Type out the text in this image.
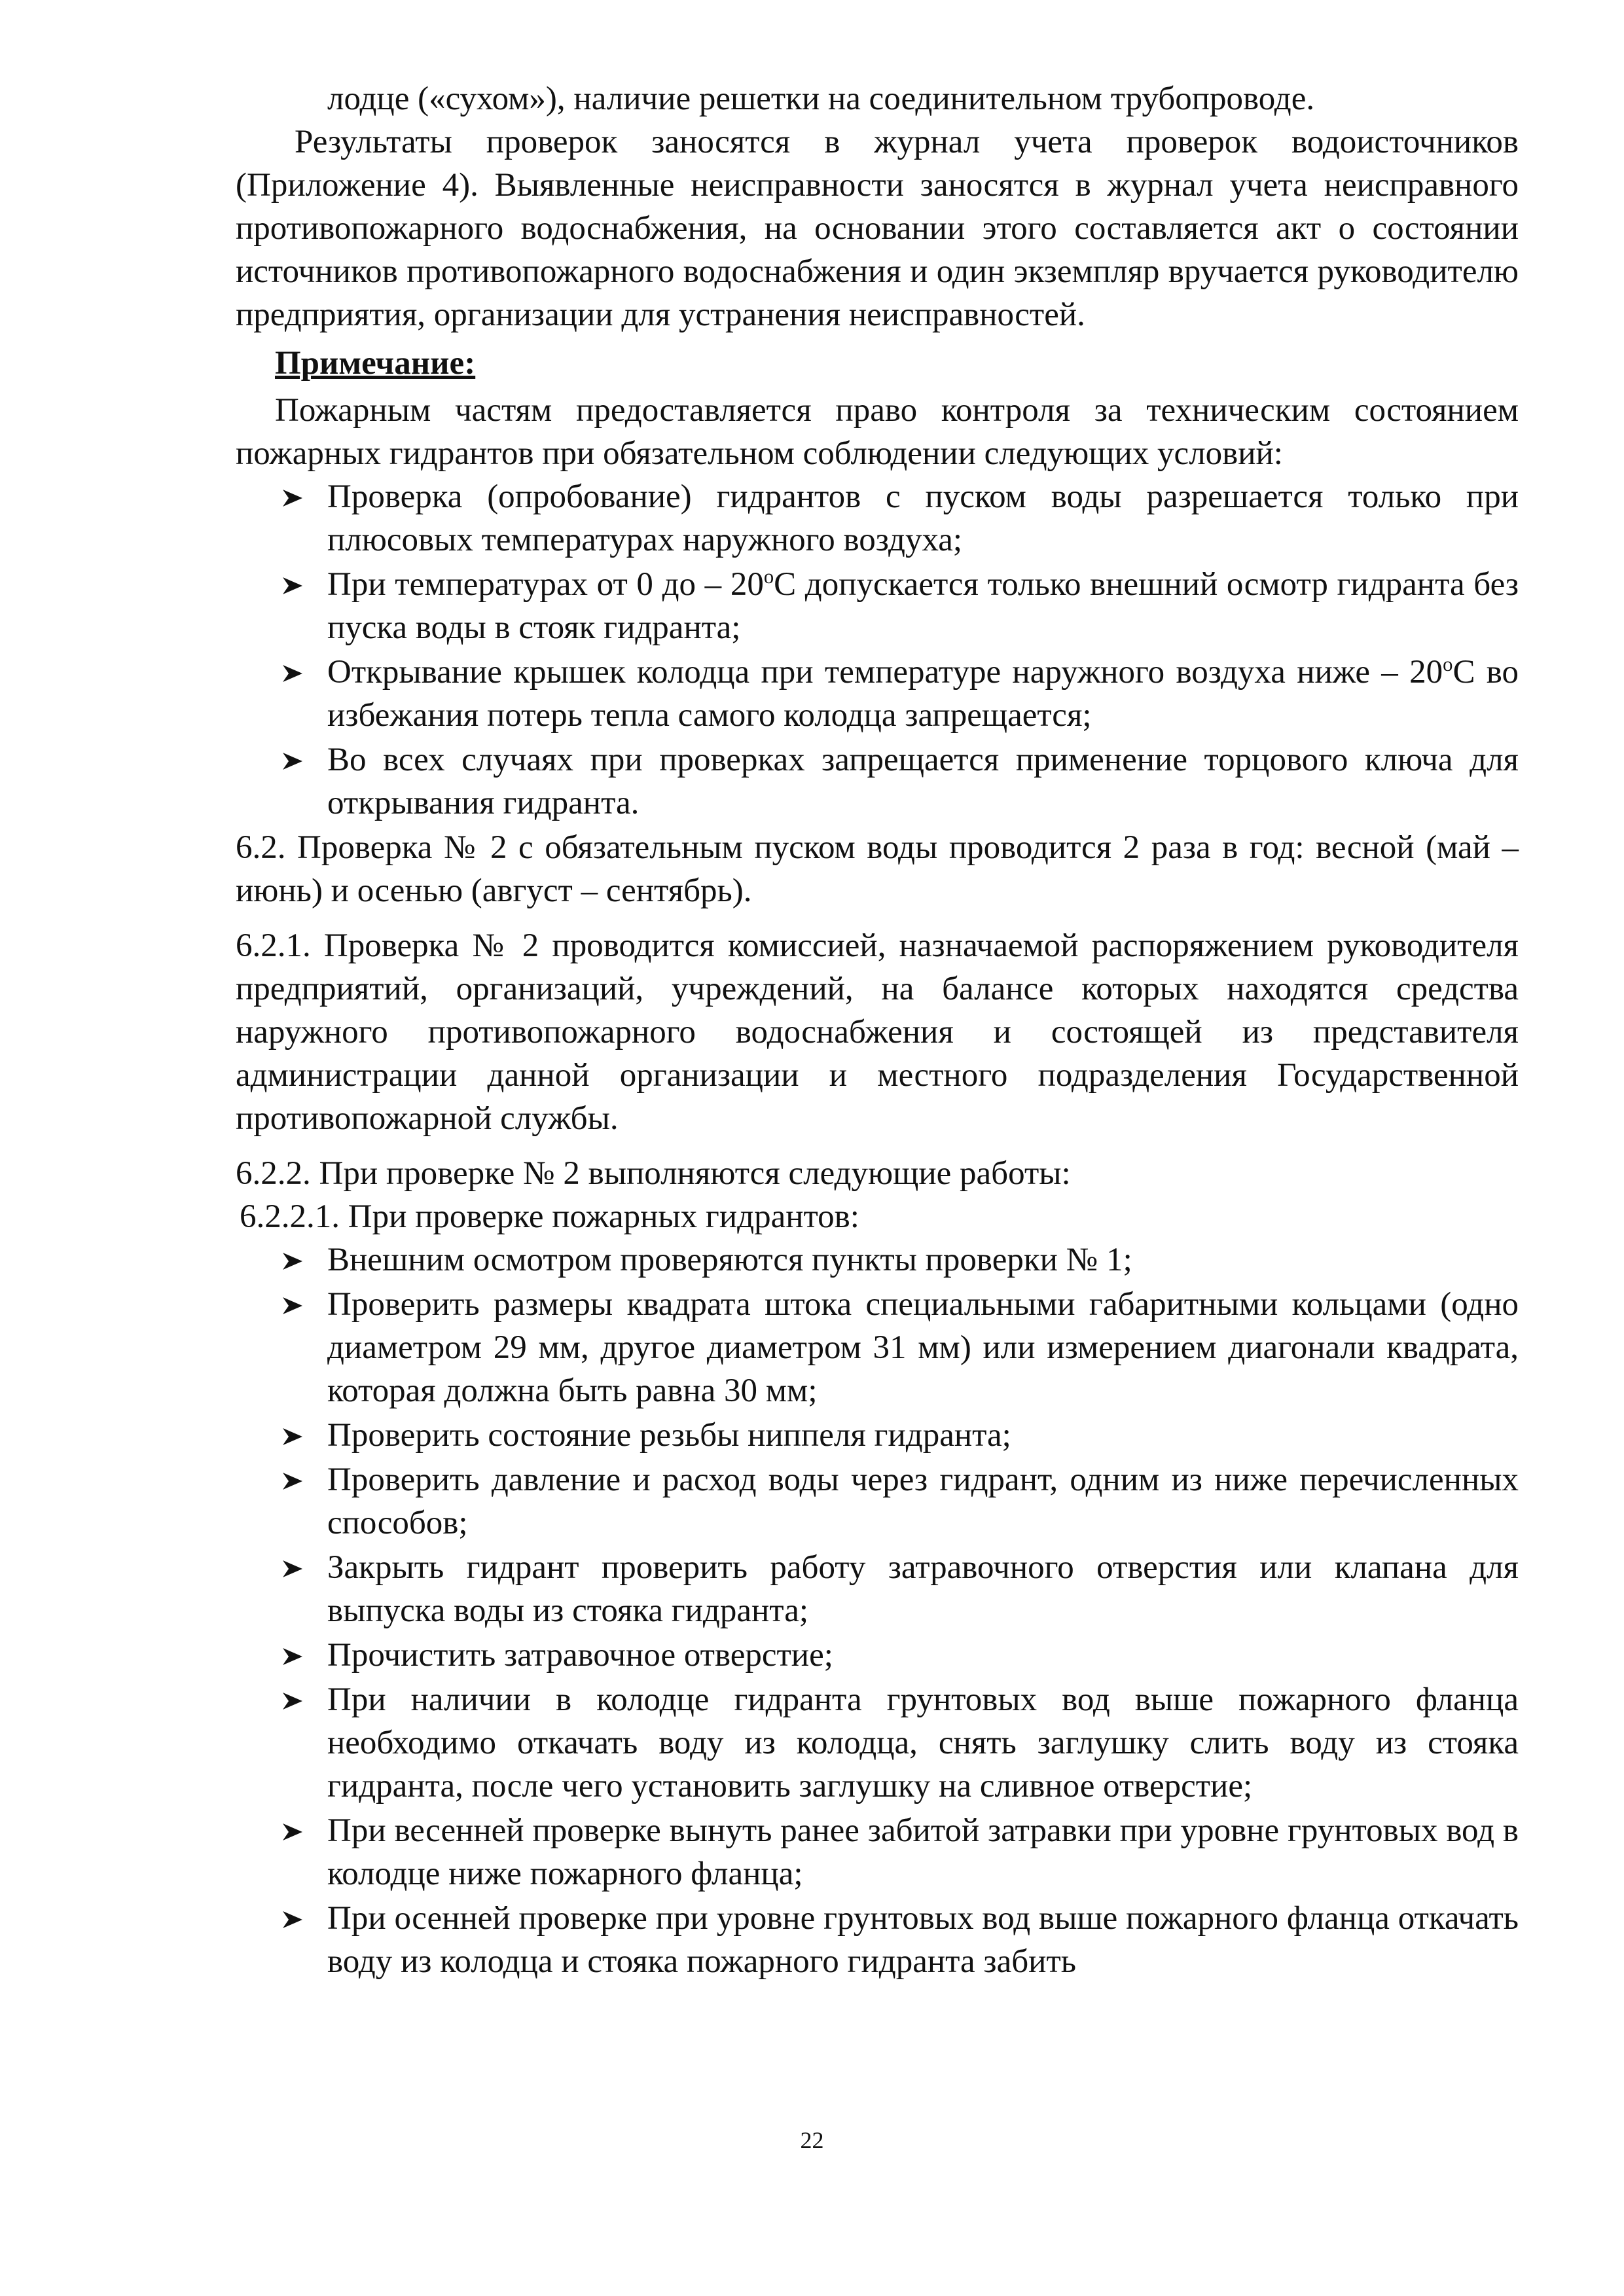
лодце («сухом»), наличие решетки на соединительном трубопроводе.

Результаты проверок заносятся в журнал учета проверок водоисточников (Приложение 4). Выявленные неисправности заносятся в журнал учета неисправного противопожарного водоснабжения, на основании этого составляется акт о состоянии источников противопожарного водоснабжения и один экземпляр вручается руководителю предприятия, организации для устранения неисправностей.

Примечание:

Пожарным частям предоставляется право контроля за техническим состоянием пожарных гидрантов при обязательном соблюдении следующих условий:

Проверка (опробование) гидрантов с пуском воды разрешается только при плюсовых температурах наружного воздуха;
При температурах от 0 до – $20^оС$ допускается только внешний осмотр гидранта без пуска воды в стояк гидранта;
Открывание крышек колодца при температуре наружного воздуха ниже – $20^оС$ во избежания потерь тепла самого колодца запрещается;
Во всех случаях при проверках запрещается применение торцового ключа для открывания гидранта.

6.2. Проверка № 2 с обязательным пуском воды проводится 2 раза в год: весной (май – июнь) и осенью (август – сентябрь).

6.2.1. Проверка № 2 проводится комиссией, назначаемой распоряжением руководителя предприятий, организаций, учреждений, на балансе которых находятся средства наружного противопожарного водоснабжения и состоящей из представителя администрации данной организации и местного подразделения Государственной противопожарной службы.

6.2.2. При проверке № 2 выполняются следующие работы:

6.2.2.1. При проверке пожарных гидрантов:

Внешним осмотром проверяются пункты проверки № 1;
Проверить размеры квадрата штока специальными габаритными кольцами (одно диаметром 29 мм, другое диаметром 31 мм) или измерением диагонали квадрата, которая должна быть равна 30 мм;
Проверить состояние резьбы ниппеля гидранта;
Проверить давление и расход воды через гидрант, одним из ниже перечисленных способов;
Закрыть гидрант проверить работу затравочного отверстия или клапана для выпуска воды из стояка гидранта;
Прочистить затравочное отверстие;
При наличии в колодце гидранта грунтовых вод выше пожарного фланца необходимо откачать воду из колодца, снять заглушку слить воду из стояка гидранта, после чего установить заглушку на сливное отверстие;
При весенней проверке вынуть ранее забитой затравки при уровне грунтовых вод в колодце ниже пожарного фланца;
При осенней проверке при уровне грунтовых вод выше пожарного фланца откачать воду из колодца и стояка пожарного гидранта забить
22
